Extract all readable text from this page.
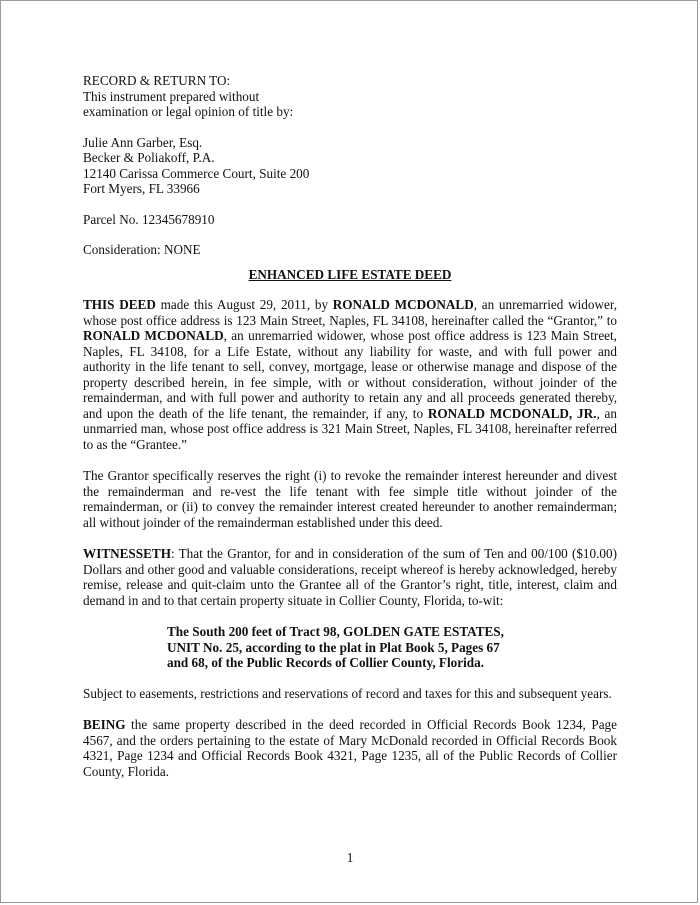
RECORD & RETURN TO:
This instrument prepared without
examination or legal opinion of title by:
Julie Ann Garber, Esq.
Becker & Poliakoff, P.A.
12140 Carissa Commerce Court, Suite 200
Fort Myers, FL 33966
Parcel No. 12345678910
Consideration: NONE
ENHANCED LIFE ESTATE DEED

THIS DEED made this August 29, 2011, by RONALD MCDONALD, an unremarried widower, whose post office address is 123 Main Street, Naples, FL 34108, hereinafter called the “Grantor,” to RONALD MCDONALD, an unremarried widower, whose post office address is 123 Main Street, Naples, FL 34108, for a Life Estate, without any liability for waste, and with full power and authority in the life tenant to sell, convey, mortgage, lease or otherwise manage and dispose of the property described herein, in fee simple, with or without consideration, without joinder of the remainderman, and with full power and authority to retain any and all proceeds generated thereby, and upon the death of the life tenant, the remainder, if any, to RONALD MCDONALD, JR., an unmarried man, whose post office address is 321 Main Street, Naples, FL 34108, hereinafter referred to as the “Grantee.”

The Grantor specifically reserves the right (i) to revoke the remainder interest hereunder and divest the remainderman and re-vest the life tenant with fee simple title without joinder of the remainderman, or (ii) to convey the remainder interest created hereunder to another remainderman; all without joinder of the remainderman established under this deed.

WITNESSETH: That the Grantor, for and in consideration of the sum of Ten and 00/100 ($10.00) Dollars and other good and valuable considerations, receipt whereof is hereby acknowledged, hereby remise, release and quit-claim unto the Grantee all of the Grantor’s right, title, interest, claim and demand in and to that certain property situate in Collier County, Florida, to-wit:

The South 200 feet of Tract 98, GOLDEN GATE ESTATES,
UNIT No. 25, according to the plat in Plat Book 5, Pages 67
and 68, of the Public Records of Collier County, Florida.

Subject to easements, restrictions and reservations of record and taxes for this and subsequent years.

BEING the same property described in the deed recorded in Official Records Book 1234, Page 4567, and the orders pertaining to the estate of Mary McDonald recorded in Official Records Book 4321, Page 1234 and Official Records Book 4321, Page 1235, all of the Public Records of Collier County, Florida.

1
